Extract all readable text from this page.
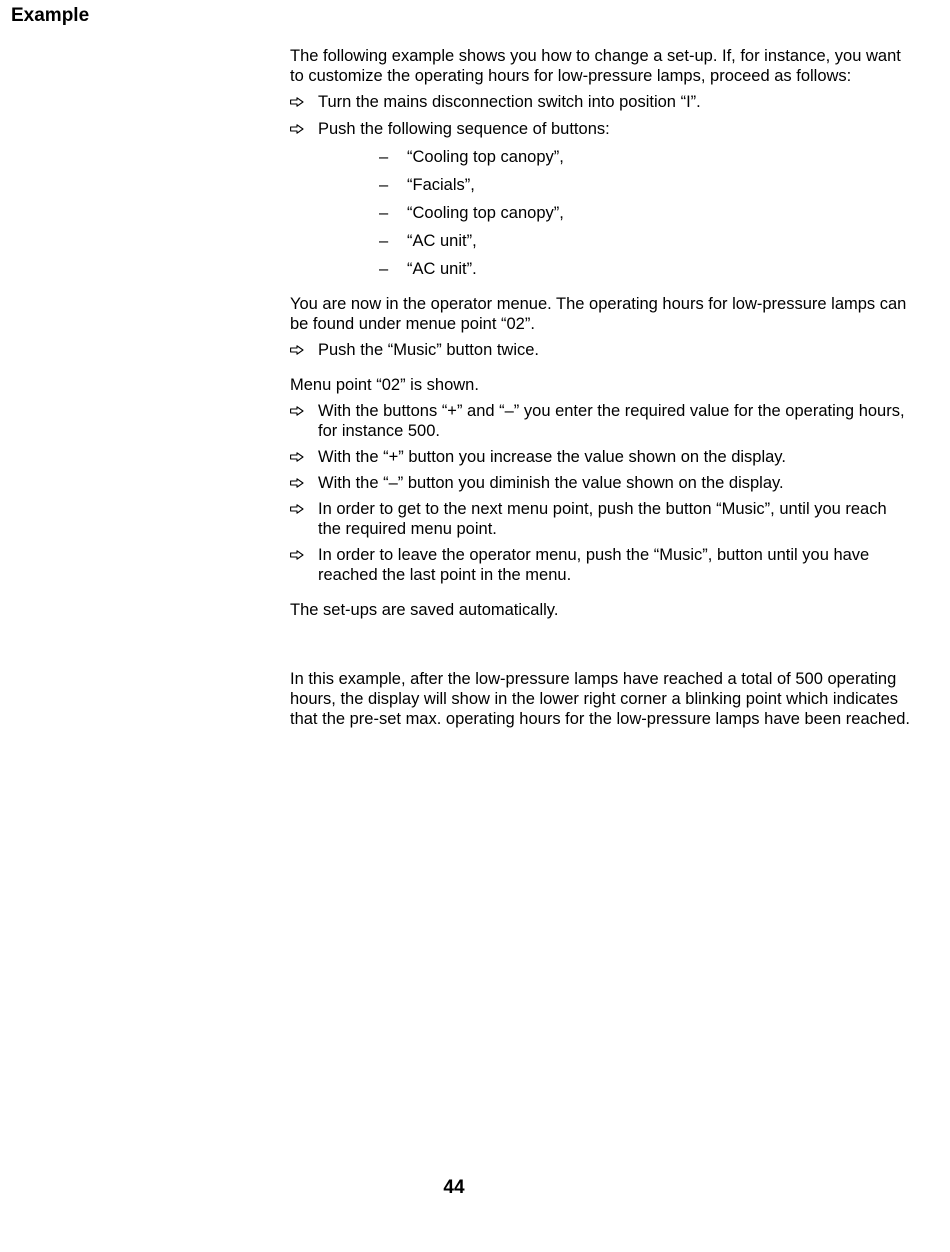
Example

The following example shows you how to change a set-up. If, for instance, you want to customize the operating hours for low-pressure lamps, proceed as follows:

Turn the mains disconnection switch into position “I”.
Push the following sequence of buttons:
– “Cooling top canopy”,
– “Facials”,
– “Cooling top canopy”,
– “AC unit”,
– “AC unit”.

You are now in the operator menue. The operating hours for low-pressure lamps can be found under menue point “02”.

Push the “Music” button twice.

Menu point “02” is shown.

With the buttons “+” and “–” you enter the required value for the operating hours, for instance 500.
With the “+” button you increase the value shown on the display.
With the “–” button you diminish the value shown on the display.
In order to get to the next menu point, push the button “Music”, until you reach the required menu point.
In order to leave the operator menu, push the “Music”, button until you have reached the last point in the menu.

The set-ups are saved automatically.

In this example, after the low-pressure lamps have reached a total of 500 operating hours, the display will show in the lower right corner a blinking point which indicates that the pre-set max. operating hours for the low-pressure lamps have been reached.

44
